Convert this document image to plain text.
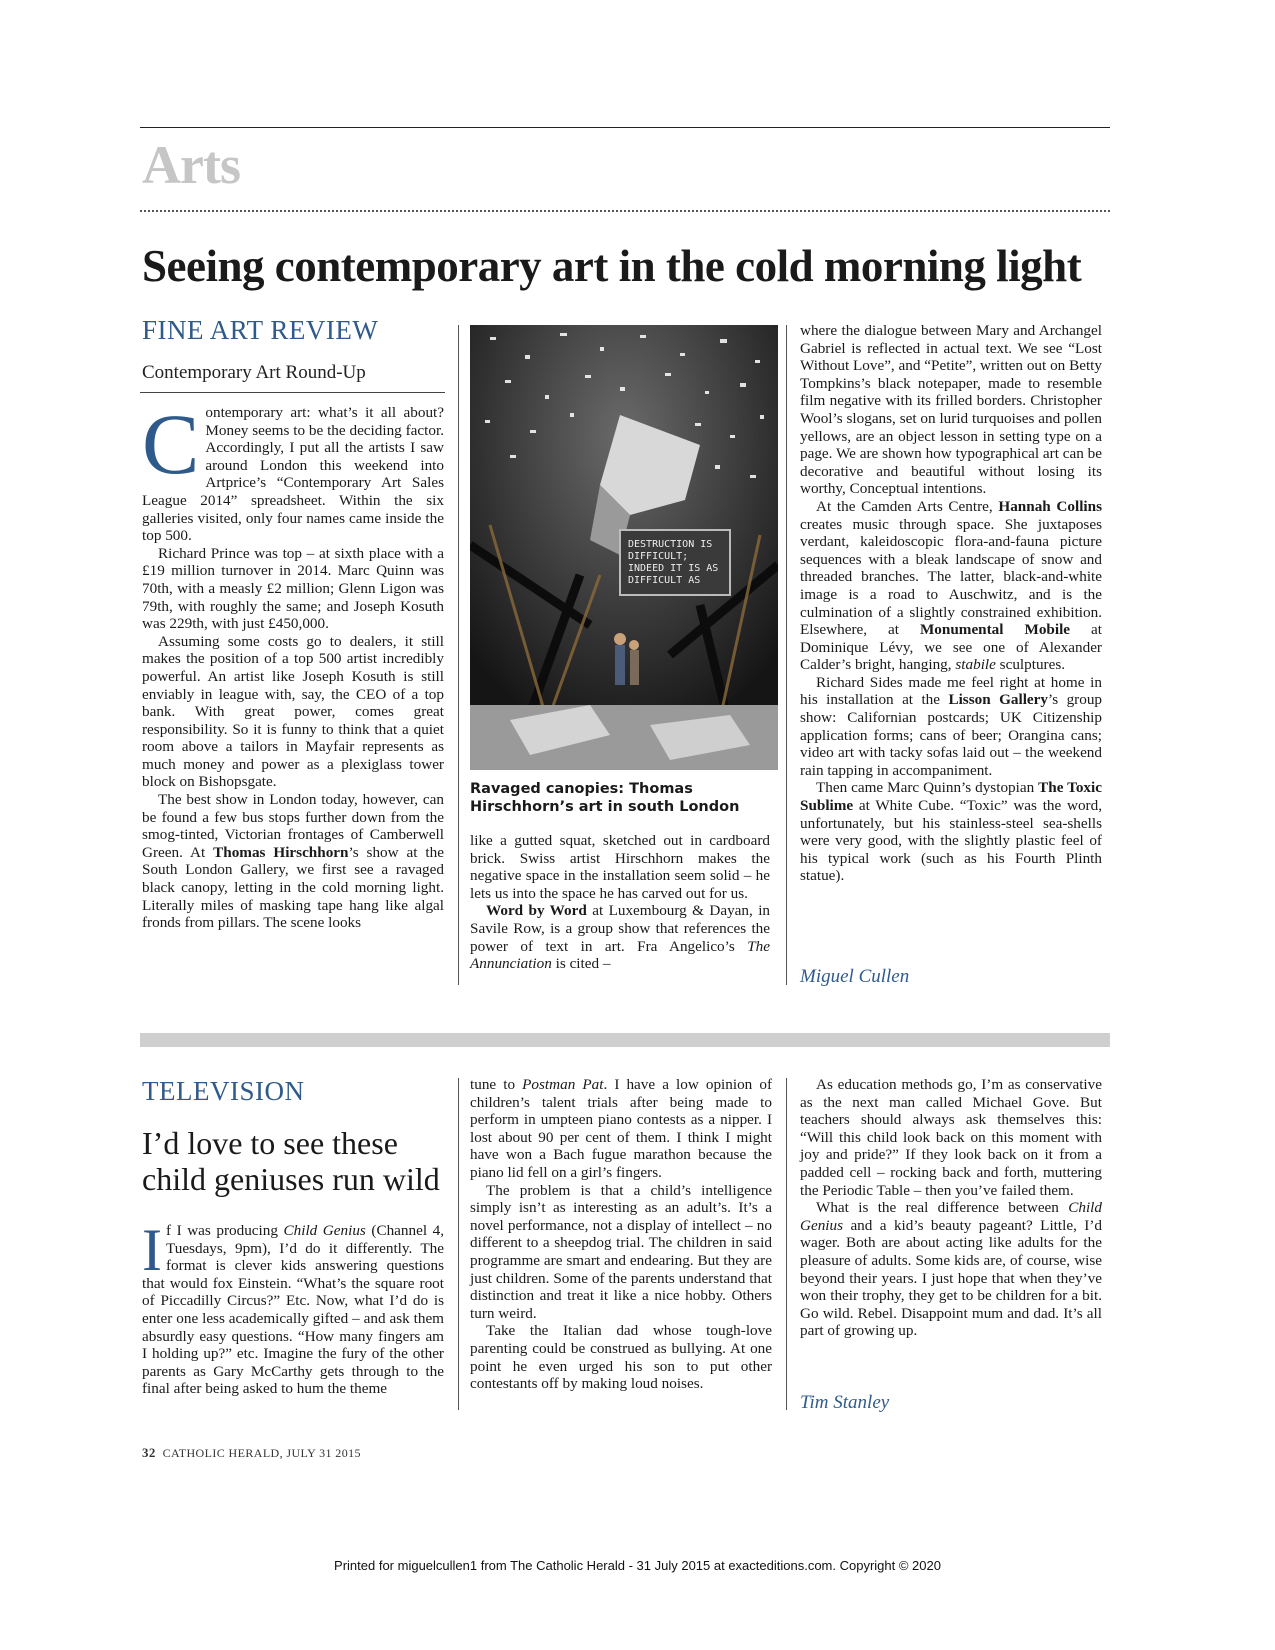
Arts
Seeing contemporary art in the cold morning light
FINE ART REVIEW
Contemporary Art Round-Up

Contemporary art: what’s it all about? Money seems to be the deciding factor. Accordingly, I put all the artists I saw around London this weekend into Artprice’s “Contemporary Art Sales League 2014” spreadsheet. Within the six galleries visited, only four names came inside the top 500.

Richard Prince was top – at sixth place with a £19 million turnover in 2014. Marc Quinn was 70th, with a measly £2 million; Glenn Ligon was 79th, with roughly the same; and Joseph Kosuth was 229th, with just £450,000.

Assuming some costs go to dealers, it still makes the position of a top 500 artist incredibly powerful. An artist like Joseph Kosuth is still enviably in league with, say, the CEO of a top bank. With great power, comes great responsibility. So it is funny to think that a quiet room above a tailors in Mayfair represents as much money and power as a plexiglass tower block on Bishopsgate.

The best show in London today, however, can be found a few bus stops further down from the smog-tinted, Victorian frontages of Camberwell Green. At Thomas Hirschhorn’s show at the South London Gallery, we first see a ravaged black canopy, letting in the cold morning light. Literally miles of masking tape hang like algal fronds from pillars. The scene looks

DESTRUCTION IS DIFFICULT; INDEED IT IS AS DIFFICULT AS
Ravaged canopies: Thomas Hirschhorn’s art in south London

like a gutted squat, sketched out in cardboard brick. Swiss artist Hirschhorn makes the negative space in the installation seem solid – he lets us into the space he has carved out for us.

Word by Word at Luxembourg & Dayan, in Savile Row, is a group show that references the power of text in art. Fra Angelico’s The Annunciation is cited –

where the dialogue between Mary and Archangel Gabriel is reflected in actual text. We see “Lost Without Love”, and “Petite”, written out on Betty Tompkins’s black notepaper, made to resemble film negative with its frilled borders. Christopher Wool’s slogans, set on lurid turquoises and pollen yellows, are an object lesson in setting type on a page. We are shown how typographical art can be decorative and beautiful without losing its worthy, Conceptual intentions.

At the Camden Arts Centre, Hannah Collins creates music through space. She juxtaposes verdant, kaleidoscopic flora-and-fauna picture sequences with a bleak landscape of snow and threaded branches. The latter, black-and-white image is a road to Auschwitz, and is the culmination of a slightly constrained exhibition. Elsewhere, at Monumental Mobile at Dominique Lévy, we see one of Alexander Calder’s bright, hanging, stabile sculptures.

Richard Sides made me feel right at home in his installation at the Lisson Gallery’s group show: Californian postcards; UK Citizenship application forms; cans of beer; Orangina cans; video art with tacky sofas laid out – the weekend rain tapping in accompaniment.

Then came Marc Quinn’s dystopian The Toxic Sublime at White Cube. “Toxic” was the word, unfortunately, but his stainless-steel sea-shells were very good, with the slightly plastic feel of his typical work (such as his Fourth Plinth statue).

Miguel Cullen
TELEVISION
I’d love to see these child geniuses run wild

If I was producing Child Genius (Channel 4, Tuesdays, 9pm), I’d do it differently. The format is clever kids answering questions that would fox Einstein. “What’s the square root of Piccadilly Circus?” Etc. Now, what I’d do is enter one less academically gifted – and ask them absurdly easy questions. “How many fingers am I holding up?” etc. Imagine the fury of the other parents as Gary McCarthy gets through to the final after being asked to hum the theme

tune to Postman Pat. I have a low opinion of children’s talent trials after being made to perform in umpteen piano contests as a nipper. I lost about 90 per cent of them. I think I might have won a Bach fugue marathon because the piano lid fell on a girl’s fingers.

The problem is that a child’s intelligence simply isn’t as interesting as an adult’s. It’s a novel performance, not a display of intellect – no different to a sheepdog trial. The children in said programme are smart and endearing. But they are just children. Some of the parents understand that distinction and treat it like a nice hobby. Others turn weird.

Take the Italian dad whose tough-love parenting could be construed as bullying. At one point he even urged his son to put other contestants off by making loud noises.

As education methods go, I’m as conservative as the next man called Michael Gove. But teachers should always ask themselves this: “Will this child look back on this moment with joy and pride?” If they look back on it from a padded cell – rocking back and forth, muttering the Periodic Table – then you’ve failed them.

What is the real difference between Child Genius and a kid’s beauty pageant? Little, I’d wager. Both are about acting like adults for the pleasure of adults. Some kids are, of course, wise beyond their years. I just hope that when they’ve won their trophy, they get to be children for a bit. Go wild. Rebel. Disappoint mum and dad. It’s all part of growing up.

Tim Stanley
32 CATHOLIC HERALD, JULY 31 2015
Printed for miguelcullen1 from The Catholic Herald - 31 July 2015 at exacteditions.com. Copyright © 2020
